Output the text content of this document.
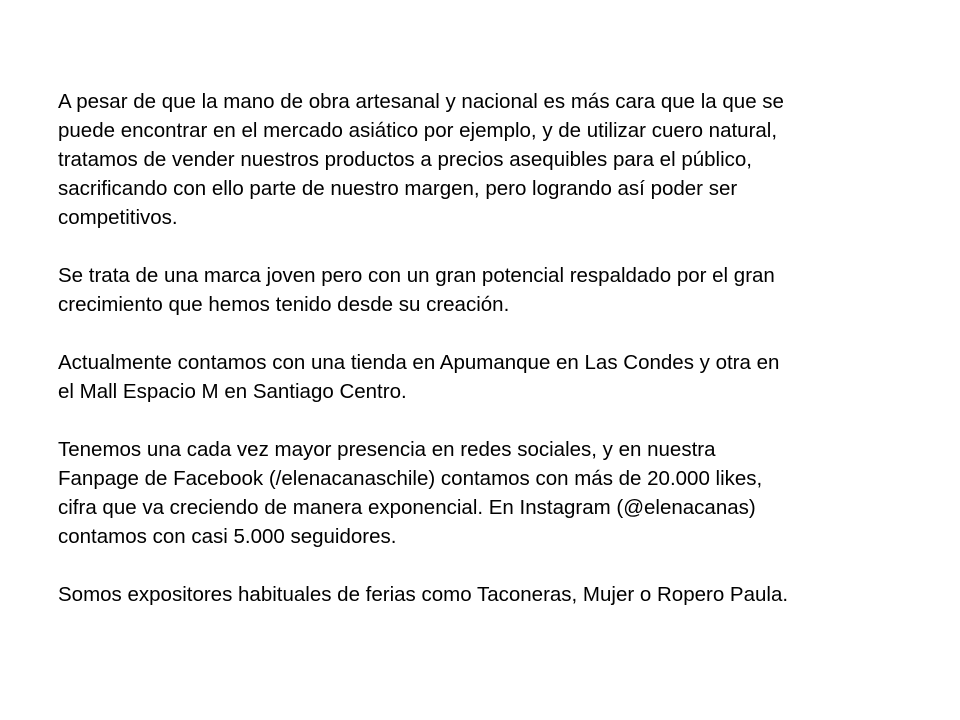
A pesar de que la mano de obra artesanal y nacional es más cara que la que se
puede encontrar en el mercado asiático por ejemplo, y de utilizar cuero natural,
tratamos de vender nuestros productos a precios asequibles para el público,
sacrificando con ello parte de nuestro margen, pero logrando así poder ser
competitivos.

Se trata de una marca joven pero con un gran potencial respaldado por el gran
crecimiento que hemos tenido desde su creación.

Actualmente contamos con una tienda en Apumanque en Las Condes y otra en
el Mall Espacio M en Santiago Centro.

Tenemos una cada vez mayor presencia en redes sociales, y en nuestra
Fanpage de Facebook (/elenacanaschile) contamos con más de 20.000 likes,
cifra que va creciendo de manera exponencial. En Instagram (@elenacanas)
contamos con casi 5.000 seguidores.

Somos expositores habituales de ferias como Taconeras, Mujer o Ropero Paula.
